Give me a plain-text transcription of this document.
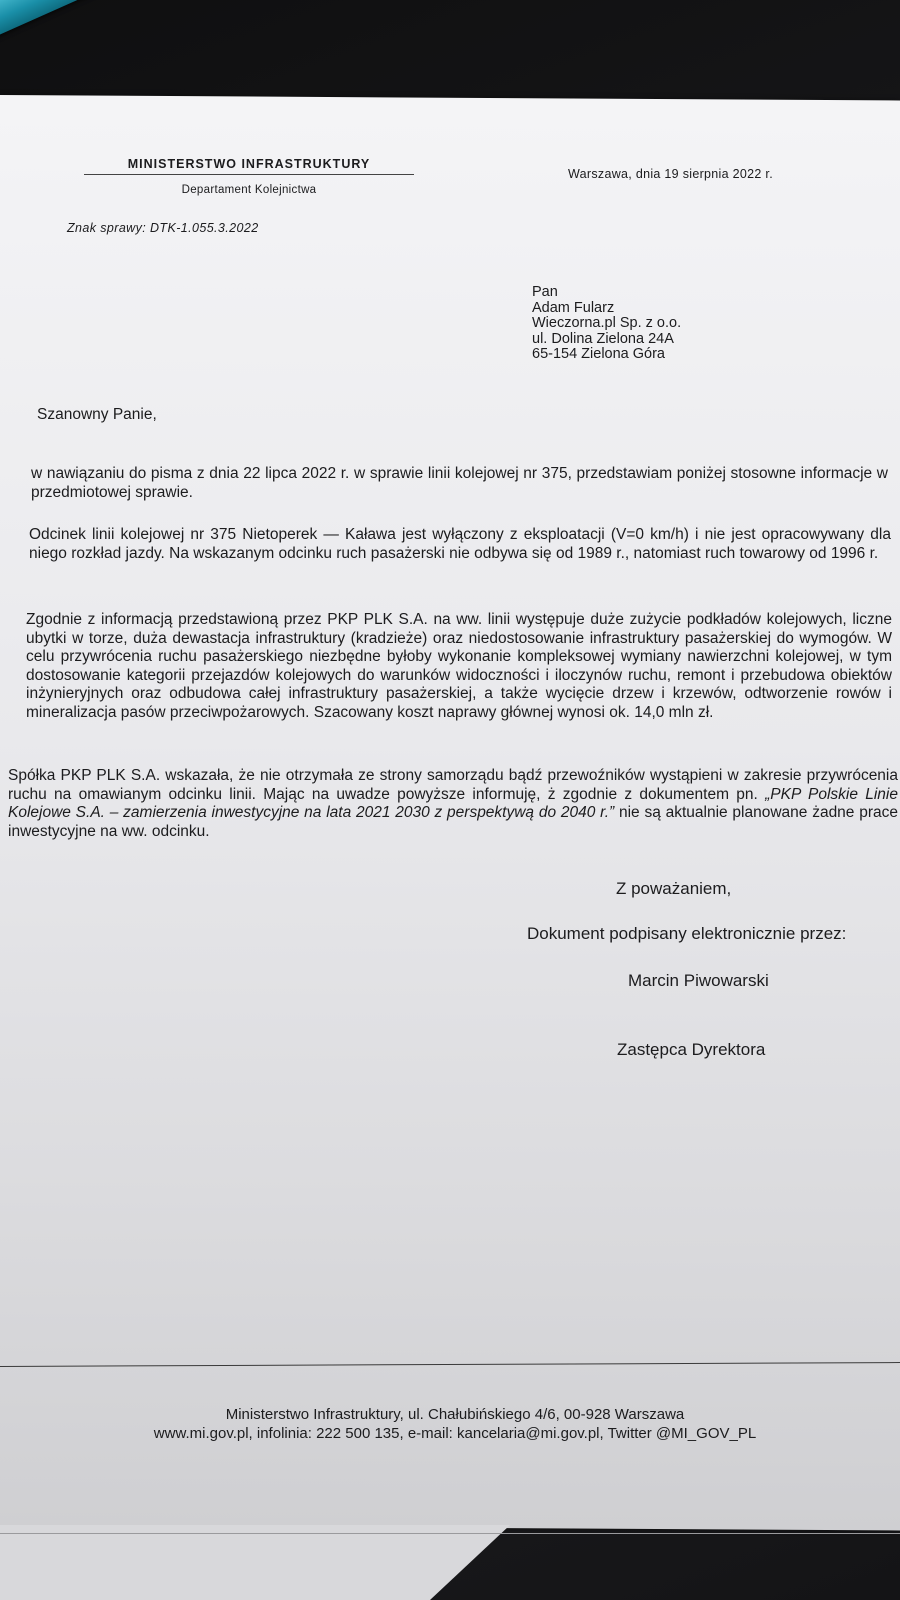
MINISTERSTWO INFRASTRUKTURY
Departament Kolejnictwa
Warszawa, dnia 19 sierpnia 2022 r.
Znak sprawy: DTK-1.055.3.2022
Pan
Adam Fularz
Wieczorna.pl Sp. z o.o.
ul. Dolina Zielona 24A
65-154 Zielona Góra
Szanowny Panie,
w nawiązaniu do pisma z dnia 22 lipca 2022 r. w sprawie linii kolejowej nr 375, przedstawiam poniżej stosowne informacje w przedmiotowej sprawie.
Odcinek linii kolejowej nr 375 Nietoperek — Kaława jest wyłączony z eksploatacji (V=0 km/h) i nie jest opracowywany dla niego rozkład jazdy. Na wskazanym odcinku ruch pasażerski nie odbywa się od 1989 r., natomiast ruch towarowy od 1996 r.
Zgodnie z informacją przedstawioną przez PKP PLK S.A. na ww. linii występuje duże zużycie podkładów kolejowych, liczne ubytki w torze, duża dewastacja infrastruktury (kradzieże) oraz niedostosowanie infrastruktury pasażerskiej do wymogów. W celu przywrócenia ruchu pasażerskiego niezbędne byłoby wykonanie kompleksowej wymiany nawierzchni kolejowej, w tym dostosowanie kategorii przejazdów kolejowych do warunków widoczności i iloczynów ruchu, remont i przebudowa obiektów inżynieryjnych oraz odbudowa całej infrastruktury pasażerskiej, a także wycięcie drzew i krzewów, odtworzenie rowów i mineralizacja pasów przeciwpożarowych. Szacowany koszt naprawy głównej wynosi ok. 14,0 mln zł.
Spółka PKP PLK S.A. wskazała, że nie otrzymała ze strony samorządu bądź przewoźników wystąpieni w zakresie przywrócenia ruchu na omawianym odcinku linii. Mając na uwadze powyższe informuję, ż zgodnie z dokumentem pn. „PKP Polskie Linie Kolejowe S.A. – zamierzenia inwestycyjne na lata 2021 2030 z perspektywą do 2040 r.” nie są aktualnie planowane żadne prace inwestycyjne na ww. odcinku.
Z poważaniem,
Dokument podpisany elektronicznie przez:
Marcin Piwowarski
Zastępca Dyrektora
Ministerstwo Infrastruktury, ul. Chałubińskiego 4/6, 00-928 Warszawa
www.mi.gov.pl, infolinia: 222 500 135, e-mail: kancelaria@mi.gov.pl, Twitter @MI_GOV_PL
